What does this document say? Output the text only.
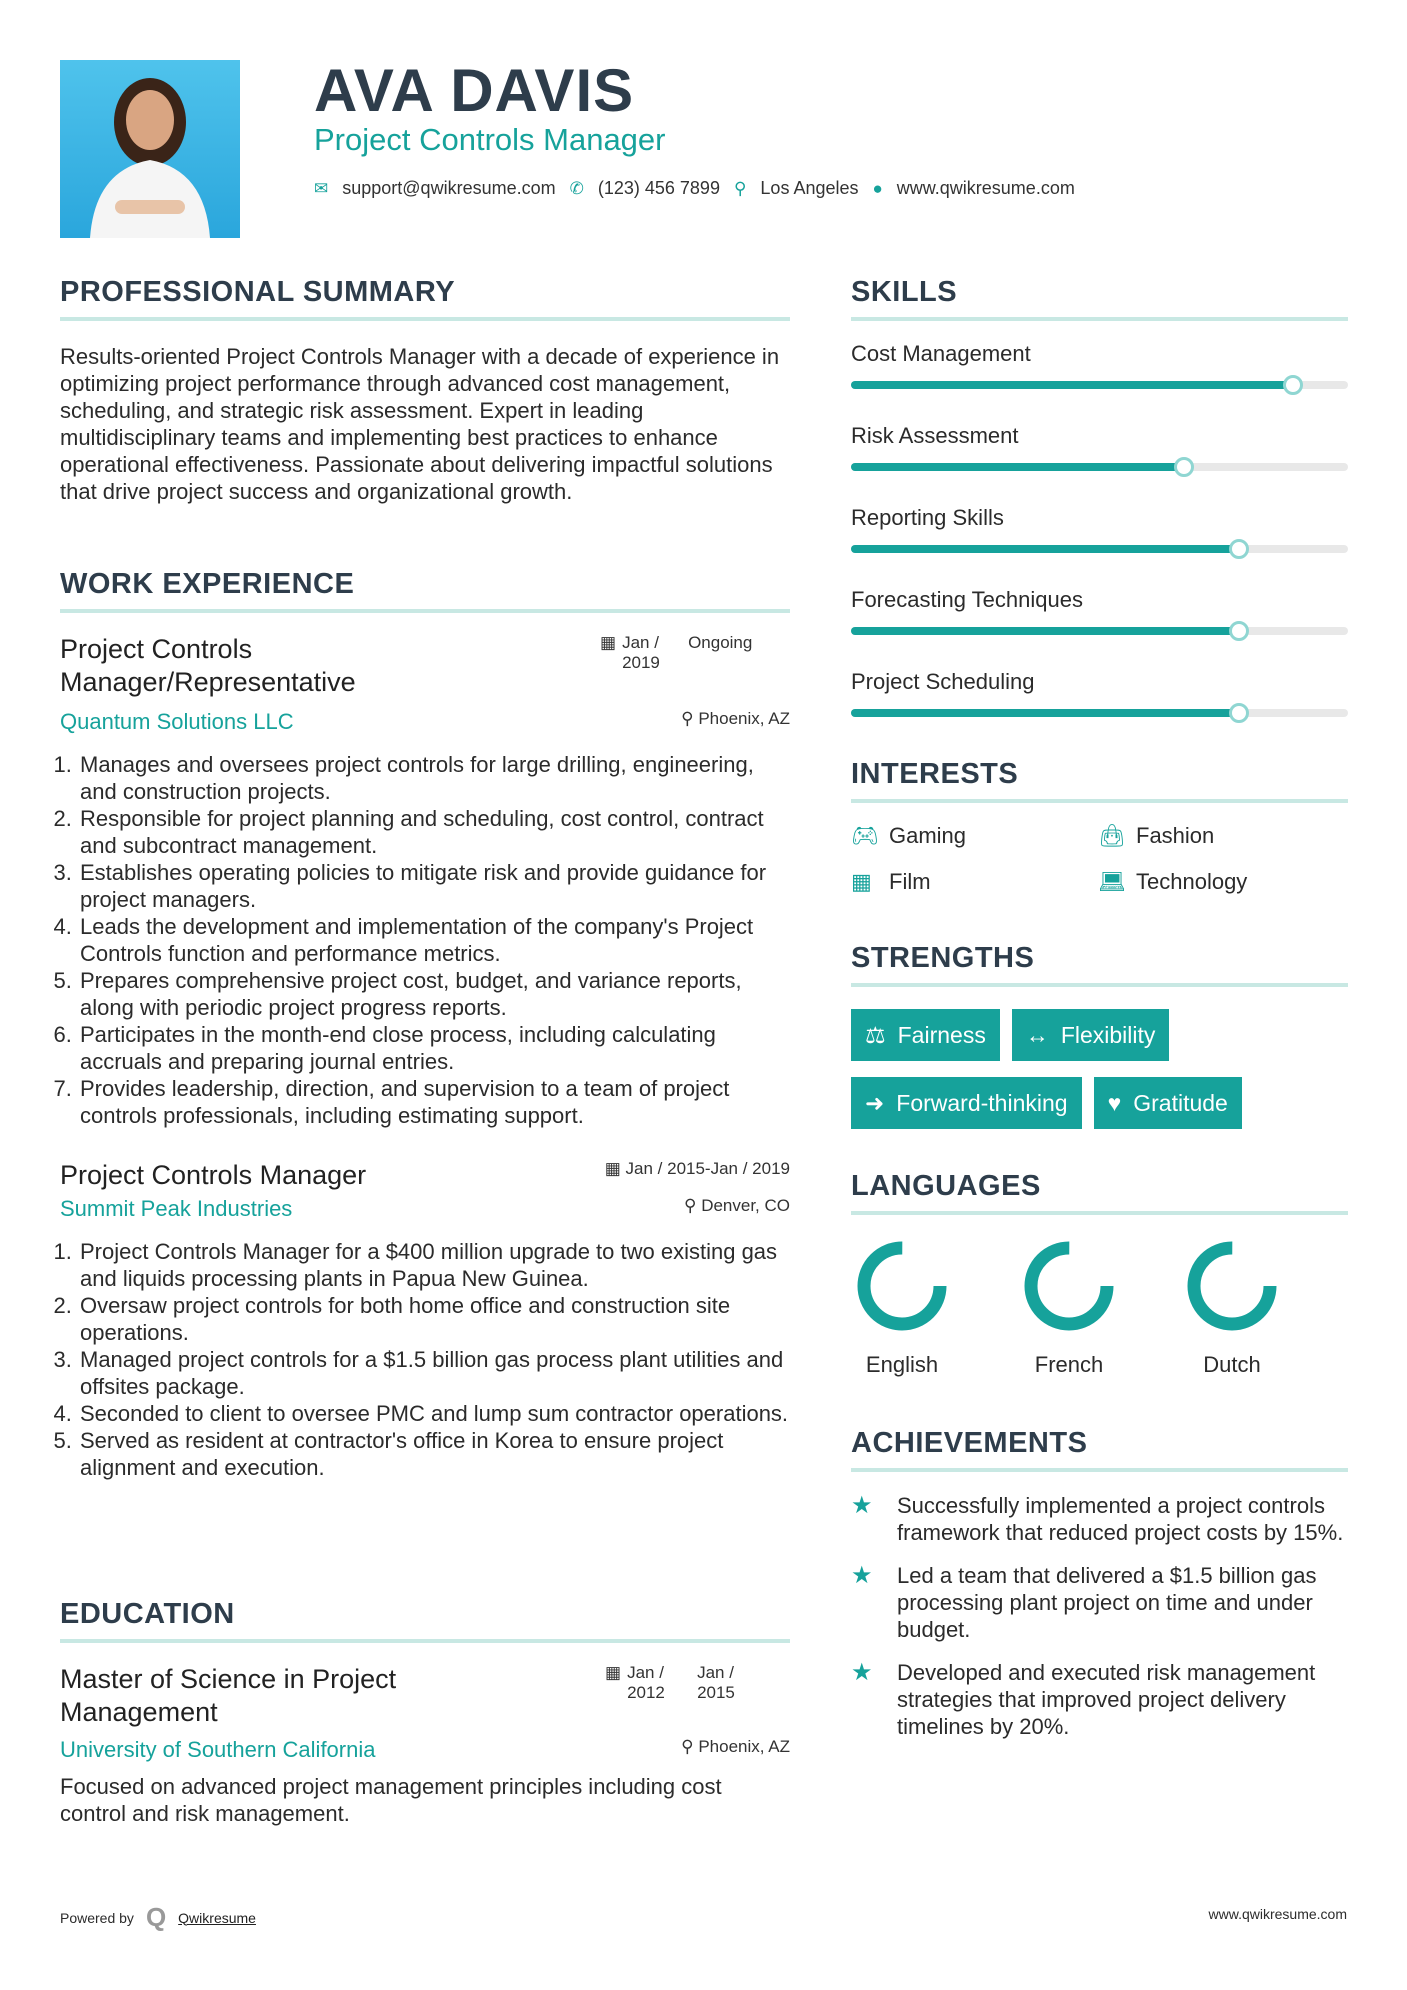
AVA DAVIS
Project Controls Manager
✉ support@qwikresume.com ✆ (123) 456 7899 ⚲ Los Angeles ● www.qwikresume.com
PROFESSIONAL SUMMARY

Results-oriented Project Controls Manager with a decade of experience in optimizing project performance through advanced cost management, scheduling, and strategic risk assessment. Expert in leading multidisciplinary teams and implementing best practices to enhance operational effectiveness. Passionate about delivering impactful solutions that drive project success and organizational growth.

WORK EXPERIENCE
Project Controls Manager/Representative
▦ Jan / 2019
Ongoing
Quantum Solutions LLC	⚲ Phoenix, AZ
1. Manages and oversees project controls for large drilling, engineering, and construction projects.
2. Responsible for project planning and scheduling, cost control, contract and subcontract management.
3. Establishes operating policies to mitigate risk and provide guidance for project managers.
4. Leads the development and implementation of the company's Project Controls function and performance metrics.
5. Prepares comprehensive project cost, budget, and variance reports, along with periodic project progress reports.
6. Participates in the month-end close process, including calculating accruals and preparing journal entries.
7. Provides leadership, direction, and supervision to a team of project controls professionals, including estimating support.
Project Controls Manager	▦ Jan / 2015-Jan / 2019
Summit Peak Industries	⚲ Denver, CO
1. Project Controls Manager for a $400 million upgrade to two existing gas and liquids processing plants in Papua New Guinea.
2. Oversaw project controls for both home office and construction site operations.
3. Managed project controls for a $1.5 billion gas process plant utilities and offsites package.
4. Seconded to client to oversee PMC and lump sum contractor operations.
5. Served as resident at contractor's office in Korea to ensure project alignment and execution.
EDUCATION
Master of Science in Project Management
▦ Jan / 2012
Jan / 2015
University of Southern California	⚲ Phoenix, AZ

Focused on advanced project management principles including cost control and risk management.

SKILLS
Cost Management
Risk Assessment
Reporting Skills
Forecasting Techniques
Project Scheduling
INTERESTS
🎮︎ Gaming	👜︎ Fashion
▦ Film	💻︎ Technology
STRENGTHS
⚖ Fairness ↔ Flexibility

➜ Forward-thinking ♥ Gratitude
LANGUAGES
English	French	Dutch
ACHIEVEMENTS
★	Successfully implemented a project controls framework that reduced project costs by 15%.
★	Led a team that delivered a $1.5 billion gas processing plant project on time and under budget.
★	Developed and executed risk management strategies that improved project delivery timelines by 20%.
Powered by Q Qwikresume	www.qwikresume.com
